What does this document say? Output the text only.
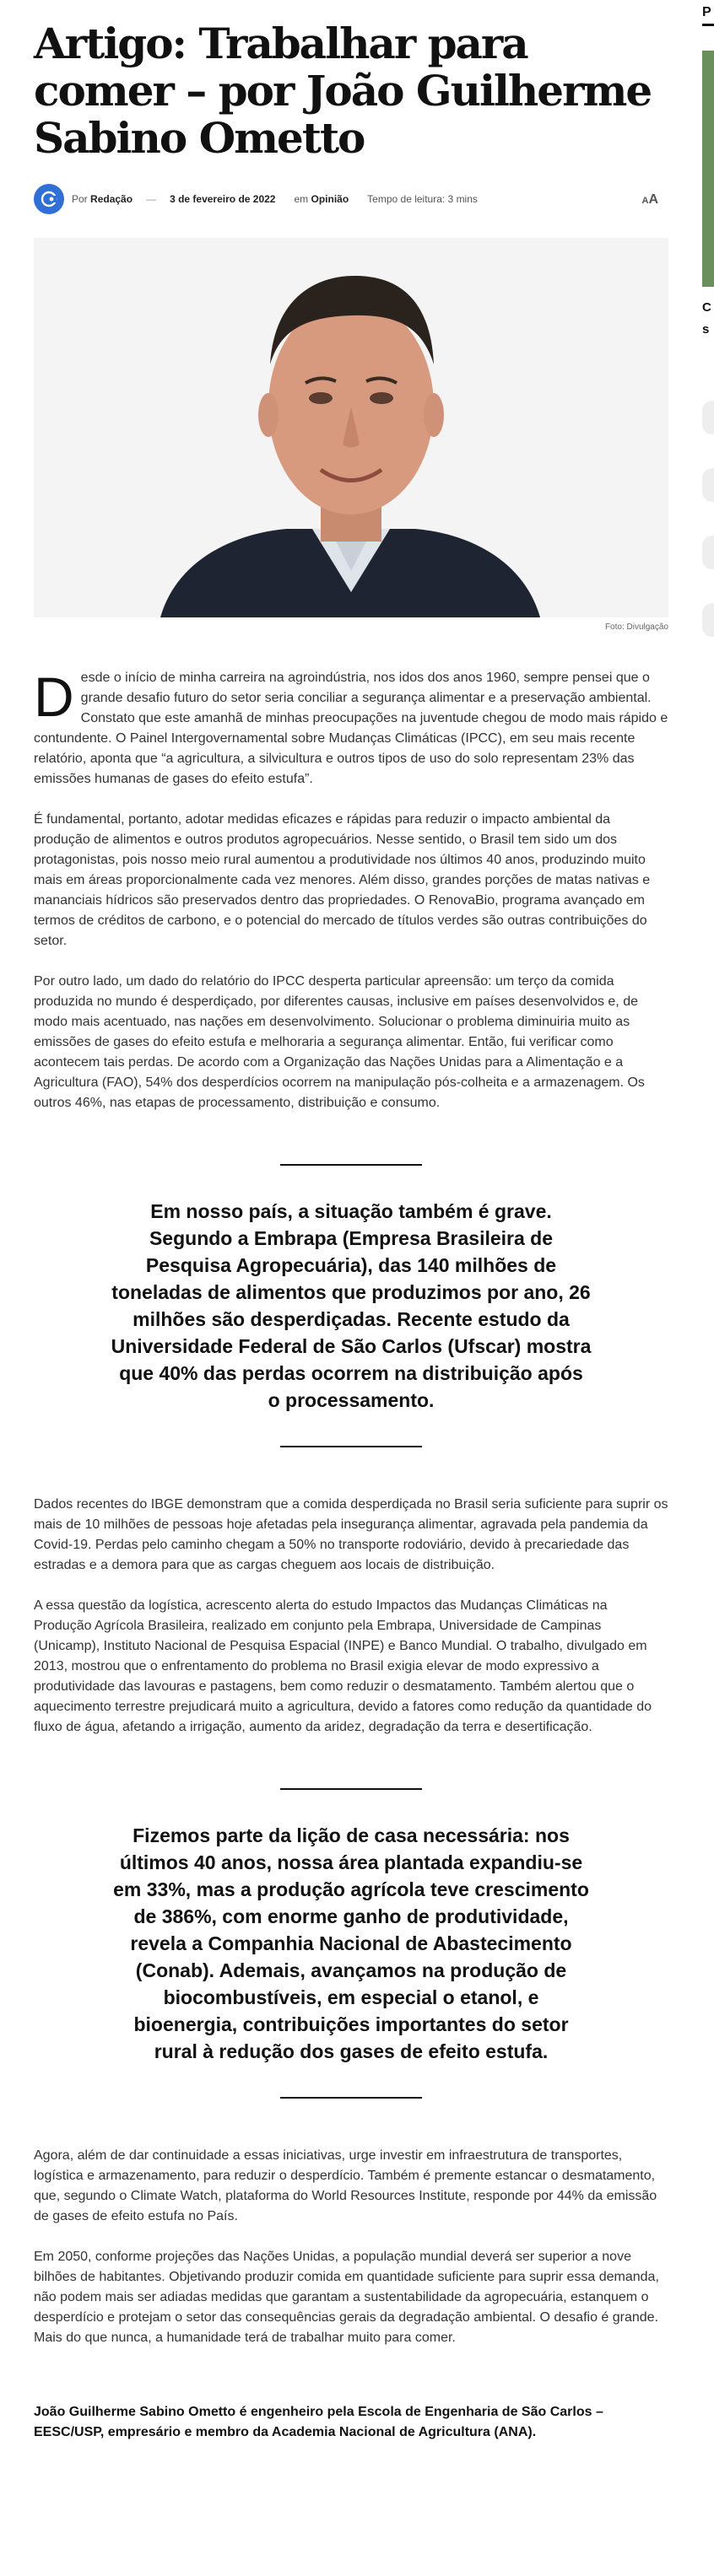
Artigo: Trabalhar para comer – por João Guilherme Sabino Ometto
Por
Redação — 3 de fevereiro de 2022 em
Opinião Tempo de leitura: 3 mins	AA
Foto: Divulgação

Desde o início de minha carreira na agroindústria, nos idos dos anos 1960, sempre pensei que o grande desafio futuro do setor seria conciliar a segurança alimentar e a preservação ambiental. Constato que este amanhã de minhas preocupações na juventude chegou de modo mais rápido e contundente. O Painel Intergovernamental sobre Mudanças Climáticas (IPCC), em seu mais recente relatório, aponta que “a agricultura, a silvicultura e outros tipos de uso do solo representam 23% das emissões humanas de gases do efeito estufa”.

É fundamental, portanto, adotar medidas eficazes e rápidas para reduzir o impacto ambiental da produção de alimentos e outros produtos agropecuários. Nesse sentido, o Brasil tem sido um dos protagonistas, pois nosso meio rural aumentou a produtividade nos últimos 40 anos, produzindo muito mais em áreas proporcionalmente cada vez menores. Além disso, grandes porções de matas nativas e mananciais hídricos são preservados dentro das propriedades. O RenovaBio, programa avançado em termos de créditos de carbono, e o potencial do mercado de títulos verdes são outras contribuições do setor.

Por outro lado, um dado do relatório do IPCC desperta particular apreensão: um terço da comida produzida no mundo é desperdiçado, por diferentes causas, inclusive em países desenvolvidos e, de modo mais acentuado, nas nações em desenvolvimento. Solucionar o problema diminuiria muito as emissões de gases do efeito estufa e melhoraria a segurança alimentar. Então, fui verificar como acontecem tais perdas. De acordo com a Organização das Nações Unidas para a Alimentação e a Agricultura (FAO), 54% dos desperdícios ocorrem na manipulação pós-colheita e a armazenagem. Os outros 46%, nas etapas de processamento, distribuição e consumo.

Em nosso país, a situação também é grave. Segundo a Embrapa (Empresa Brasileira de Pesquisa Agropecuária), das 140 milhões de toneladas de alimentos que produzimos por ano, 26 milhões são desperdiçadas. Recente estudo da Universidade Federal de São Carlos (Ufscar) mostra que 40% das perdas ocorrem na distribuição após o processamento.

Dados recentes do IBGE demonstram que a comida desperdiçada no Brasil seria suficiente para suprir os mais de 10 milhões de pessoas hoje afetadas pela insegurança alimentar, agravada pela pandemia da Covid-19. Perdas pelo caminho chegam a 50% no transporte rodoviário, devido à precariedade das estradas e a demora para que as cargas cheguem aos locais de distribuição.

A essa questão da logística, acrescento alerta do estudo Impactos das Mudanças Climáticas na Produção Agrícola Brasileira, realizado em conjunto pela Embrapa, Universidade de Campinas (Unicamp), Instituto Nacional de Pesquisa Espacial (INPE) e Banco Mundial. O trabalho, divulgado em 2013, mostrou que o enfrentamento do problema no Brasil exigia elevar de modo expressivo a produtividade das lavouras e pastagens, bem como reduzir o desmatamento. Também alertou que o aquecimento terrestre prejudicará muito a agricultura, devido a fatores como redução da quantidade do fluxo de água, afetando a irrigação, aumento da aridez, degradação da terra e desertificação.

Fizemos parte da lição de casa necessária: nos últimos 40 anos, nossa área plantada expandiu-se em 33%, mas a produção agrícola teve crescimento de 386%, com enorme ganho de produtividade, revela a Companhia Nacional de Abastecimento (Conab). Ademais, avançamos na produção de biocombustíveis, em especial o etanol, e bioenergia, contribuições importantes do setor rural à redução dos gases de efeito estufa.

Agora, além de dar continuidade a essas iniciativas, urge investir em infraestrutura de transportes, logística e armazenamento, para reduzir o desperdício. Também é premente estancar o desmatamento, que, segundo o Climate Watch, plataforma do World Resources Institute, responde por 44% da emissão de gases de efeito estufa no País.

Em 2050, conforme projeções das Nações Unidas, a população mundial deverá ser superior a nove bilhões de habitantes. Objetivando produzir comida em quantidade suficiente para suprir essa demanda, não podem mais ser adiadas medidas que garantam a sustentabilidade da agropecuária, estanquem o desperdício e protejam o setor das consequências gerais da degradação ambiental. O desafio é grande. Mais do que nunca, a humanidade terá de trabalhar muito para comer.

João Guilherme Sabino Ometto é engenheiro pela Escola de Engenharia de São Carlos – EESC/USP, empresário e membro da Academia Nacional de Agricultura (ANA).

P
C s
